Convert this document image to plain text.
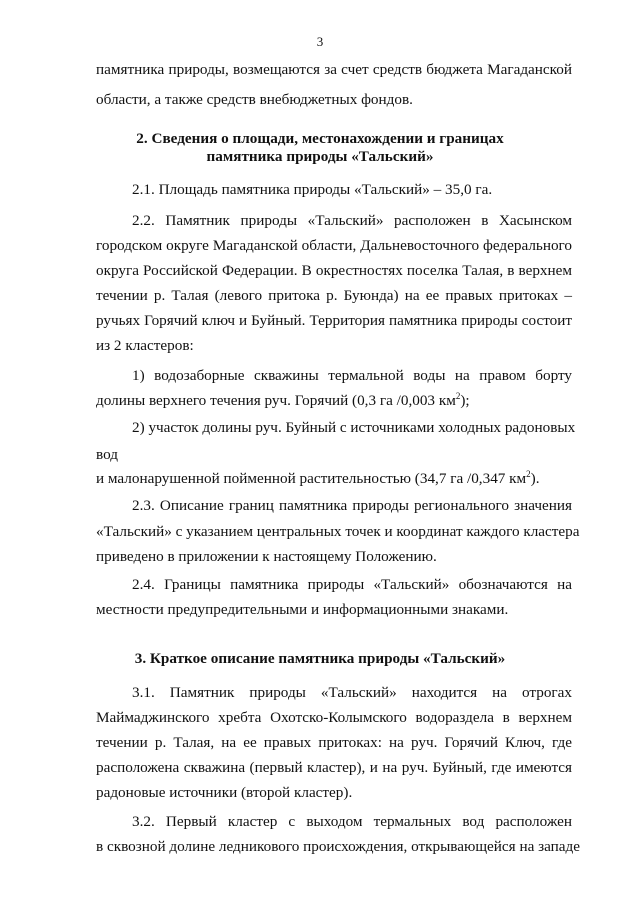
3
памятника природы, возмещаются за счет средств бюджета Магаданской
области, а также средств внебюджетных фондов.
2. Сведения о площади, местонахождении и границах
памятника природы «Тальский»
2.1. Площадь памятника природы «Тальский» – 35,0 га.
2.2. Памятник природы «Тальский» расположен в Хасынском
городском округе Магаданской области, Дальневосточного федерального
округа Российской Федерации. В окрестностях поселка Талая, в верхнем
течении р. Талая (левого притока р. Буюнда) на ее правых притоках –
ручьях Горячий ключ и Буйный. Территория памятника природы состоит
из 2 кластеров:
1) водозаборные скважины термальной воды на правом борту
долины верхнего течения руч. Горячий (0,3 га /0,003 $км^2$);
2) участок долины руч. Буйный с источниками холодных радоновых
вод
и малонарушенной пойменной растительностью (34,7 га /0,347 $км^2$).
2.3. Описание границ памятника природы регионального значения
«Тальский» с указанием центральных точек и координат каждого кластера
приведено в приложении к настоящему Положению.
2.4. Границы памятника природы «Тальский» обозначаются на
местности предупредительными и информационными знаками.
3. Краткое описание памятника природы «Тальский»
3.1. Памятник природы «Тальский» находится на отрогах
Маймаджинского хребта Охотско-Колымского водораздела в верхнем
течении р. Талая, на ее правых притоках: на руч. Горячий Ключ, где
расположена скважина (первый кластер), и на руч. Буйный, где имеются
радоновые источники (второй кластер).
3.2. Первый кластер с выходом термальных вод расположен
в сквозной долине ледникового происхождения, открывающейся на западе
